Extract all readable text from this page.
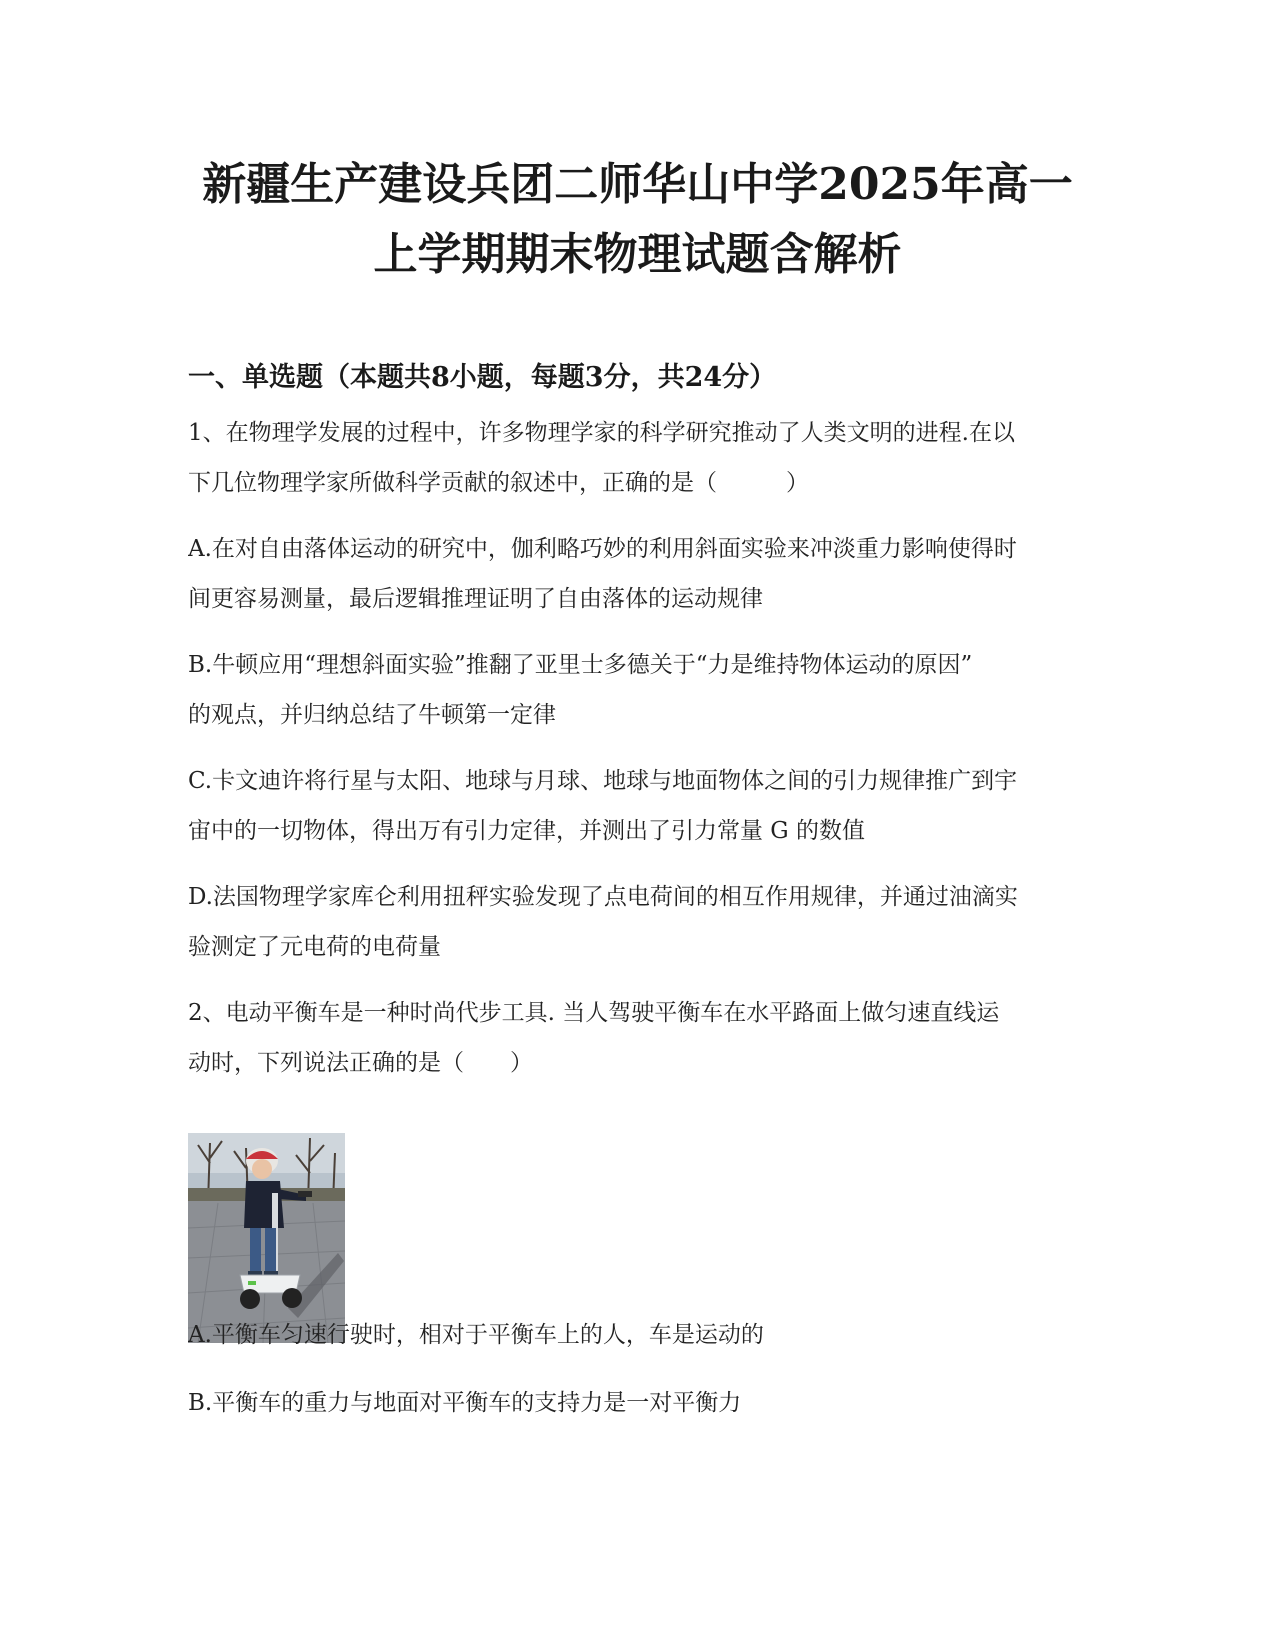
新疆生产建设兵团二师华山中学2025年高一
上学期期末物理试题含解析
一、单选题（本题共8小题，每题3分，共24分）

1、在物理学发展的过程中，许多物理学家的科学研究推动了人类文明的进程.在以
下几位物理学家所做科学贡献的叙述中，正确的是（　　　）

A.在对自由落体运动的研究中，伽利略巧妙的利用斜面实验来冲淡重力影响使得时
间更容易测量，最后逻辑推理证明了自由落体的运动规律

B.牛顿应用“理想斜面实验”推翻了亚里士多德关于“力是维持物体运动的原因”
的观点，并归纳总结了牛顿第一定律

C.卡文迪许将行星与太阳、地球与月球、地球与地面物体之间的引力规律推广到宇
宙中的一切物体，得出万有引力定律，并测出了引力常量 G 的数值

D.法国物理学家库仑利用扭秤实验发现了点电荷间的相互作用规律，并通过油滴实
验测定了元电荷的电荷量

2、电动平衡车是一种时尚代步工具. 当人驾驶平衡车在水平路面上做匀速直线运
动时，下列说法正确的是（　　）

A.平衡车匀速行驶时，相对于平衡车上的人，车是运动的

B.平衡车的重力与地面对平衡车的支持力是一对平衡力
